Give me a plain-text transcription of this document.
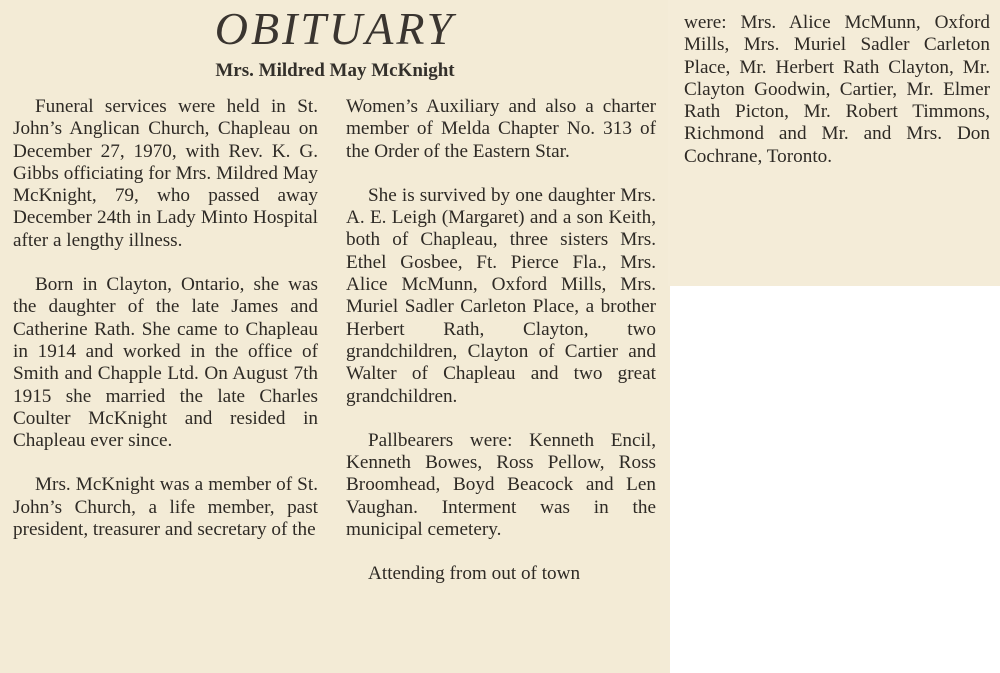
OBITUARY
Mrs. Mildred May McKnight

Funeral services were held in St. John’s Anglican Church, Chapleau on December 27, 1970, with Rev. K. G. Gibbs officiating for Mrs. Mildred May McKnight, 79, who passed away December 24th in Lady Minto Hospital after a lengthy illness.

Born in Clayton, Ontario, she was the daughter of the late James and Catherine Rath. She came to Chapleau in 1914 and worked in the office of Smith and Chapple Ltd. On August 7th 1915 she married the late Charles Coulter McKnight and resided in Chapleau ever since.

Mrs. McKnight was a member of St. John’s Church, a life member, past president, treasurer and secretary of the

Women’s Auxiliary and also a charter member of Melda Chapter No. 313 of the Order of the Eastern Star.

She is survived by one daughter Mrs. A. E. Leigh (Margaret) and a son Keith, both of Chapleau, three sisters Mrs. Ethel Gosbee, Ft. Pierce Fla., Mrs. Alice McMunn, Oxford Mills, Mrs. Muriel Sadler Carleton Place, a brother Herbert Rath, Clayton, two grandchildren, Clayton of Cartier and Walter of Chapleau and two great grandchildren.

Pallbearers were: Kenneth Encil, Kenneth Bowes, Ross Pellow, Ross Broomhead, Boyd Beacock and Len Vaughan. Interment was in the municipal cemetery.

Attending from out of town

were: Mrs. Alice McMunn, Oxford Mills, Mrs. Muriel Sadler Carleton Place, Mr. Herbert Rath Clayton, Mr. Clayton Goodwin, Cartier, Mr. Elmer Rath Picton, Mr. Robert Timmons, Richmond and Mr. and Mrs. Don Cochrane, Toronto.
